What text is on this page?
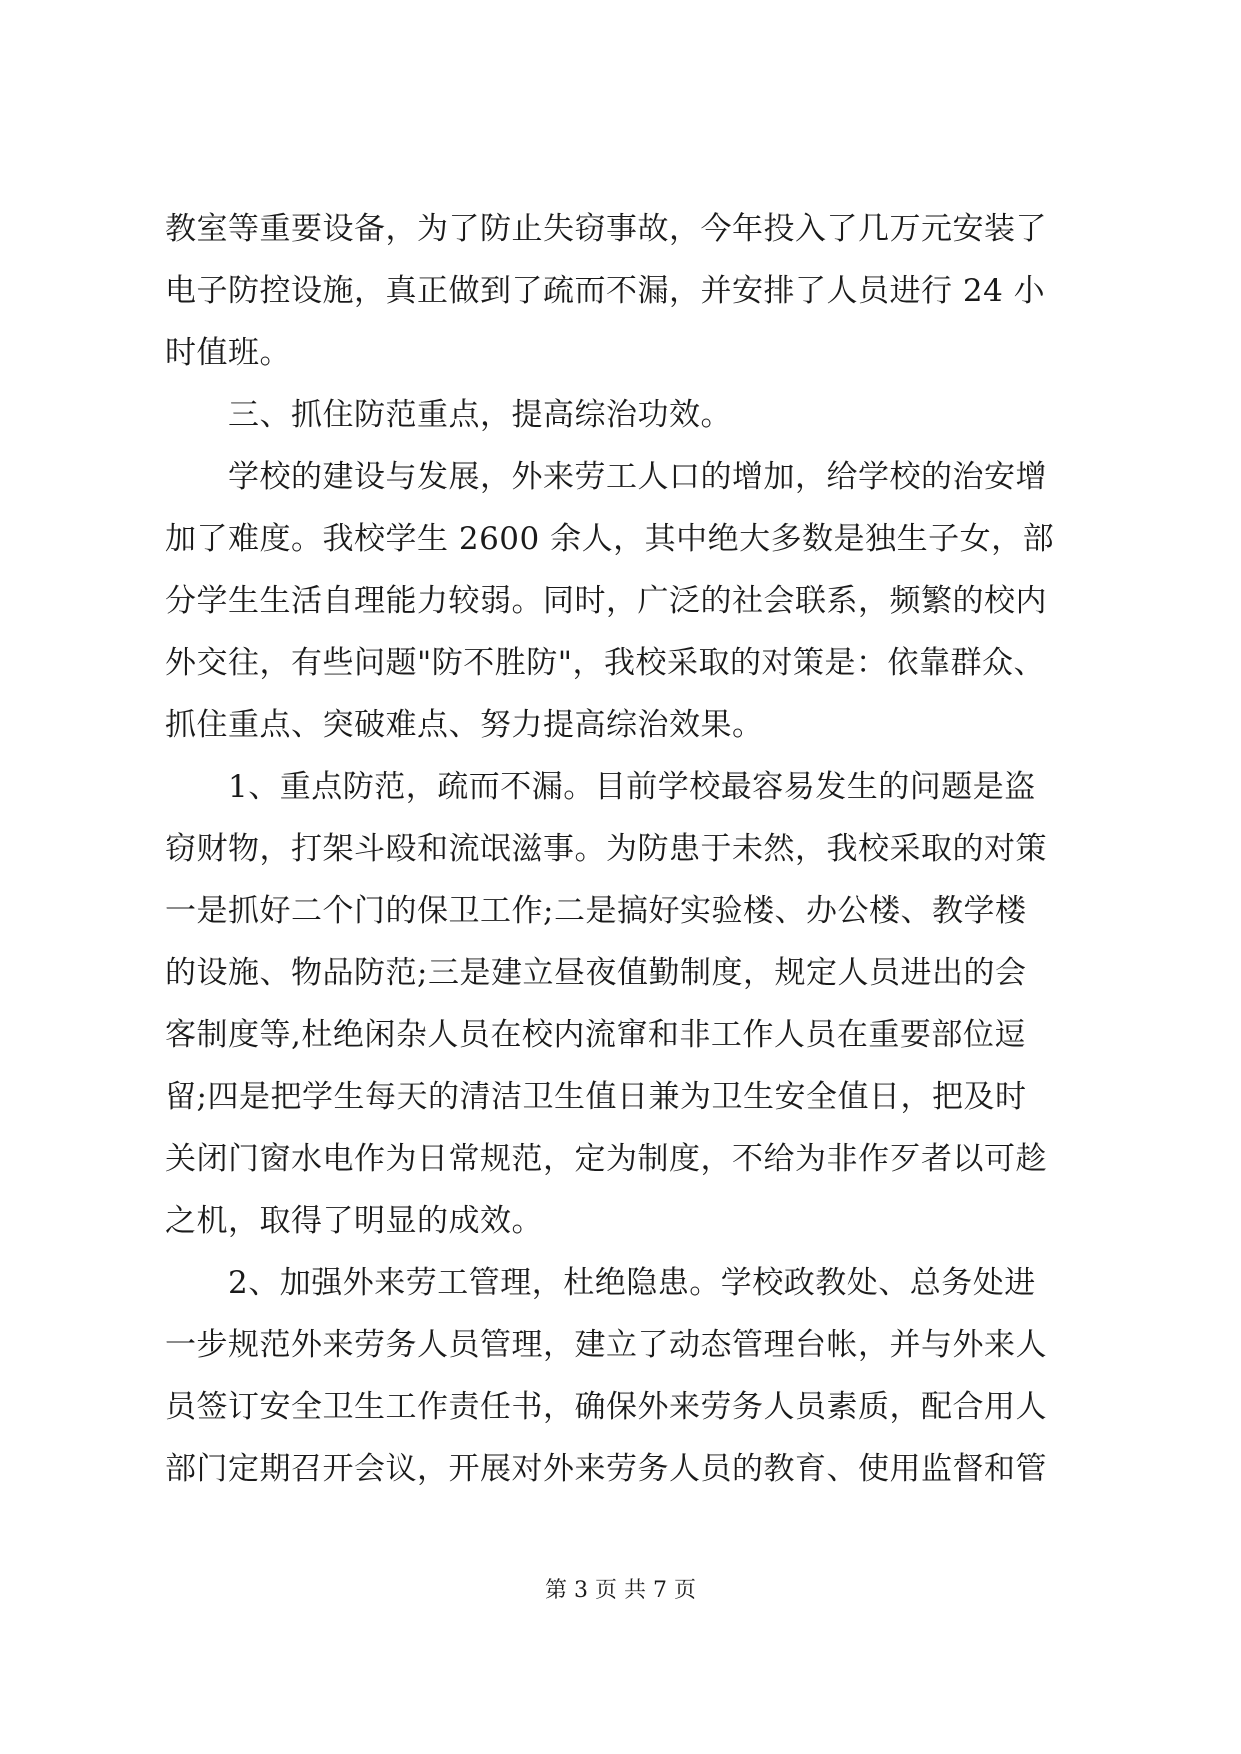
教室等重要设备，为了防止失窃事故，今年投入了几万元安装了
电子防控设施，真正做到了疏而不漏，并安排了人员进行 24 小
时值班。
三、抓住防范重点，提高综治功效。
学校的建设与发展，外来劳工人口的增加，给学校的治安增
加了难度。我校学生 2600 余人，其中绝大多数是独生子女，部
分学生生活自理能力较弱。同时，广泛的社会联系，频繁的校内
外交往，有些问题"防不胜防"，我校采取的对策是：依靠群众、
抓住重点、突破难点、努力提高综治效果。
1、重点防范，疏而不漏。目前学校最容易发生的问题是盗
窃财物，打架斗殴和流氓滋事。为防患于未然，我校采取的对策
一是抓好二个门的保卫工作;二是搞好实验楼、办公楼、教学楼
的设施、物品防范;三是建立昼夜值勤制度，规定人员进出的会
客制度等,杜绝闲杂人员在校内流窜和非工作人员在重要部位逗
留;四是把学生每天的清洁卫生值日兼为卫生安全值日，把及时
关闭门窗水电作为日常规范，定为制度，不给为非作歹者以可趁
之机，取得了明显的成效。
2、加强外来劳工管理，杜绝隐患。学校政教处、总务处进
一步规范外来劳务人员管理，建立了动态管理台帐，并与外来人
员签订安全卫生工作责任书，确保外来劳务人员素质，配合用人
部门定期召开会议，开展对外来劳务人员的教育、使用监督和管
第 3 页 共 7 页
